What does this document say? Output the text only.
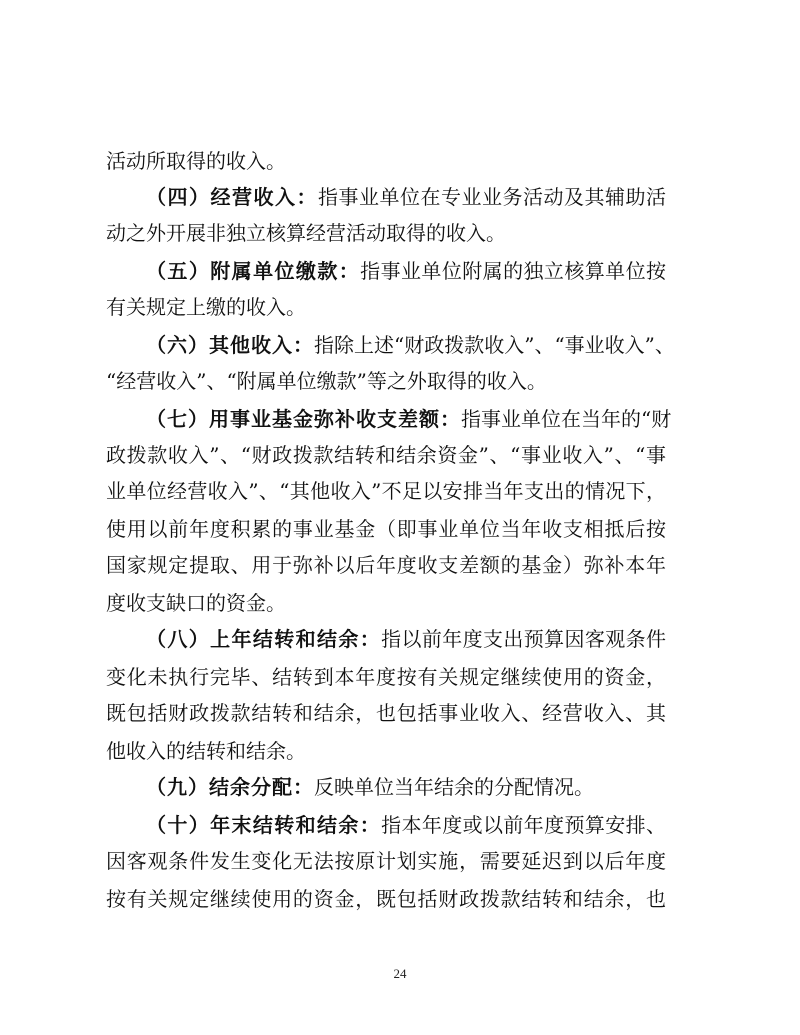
活动所取得的收入。
（四）经营收入：指事业单位在专业业务活动及其辅助活
动之外开展非独立核算经营活动取得的收入。
（五）附属单位缴款：指事业单位附属的独立核算单位按
有关规定上缴的收入。
（六）其他收入：指除上述“财政拨款收入”、“事业收入”、
“经营收入”、“附属单位缴款”等之外取得的收入。
（七）用事业基金弥补收支差额：指事业单位在当年的“财
政拨款收入”、“财政拨款结转和结余资金”、“事业收入”、“事
业单位经营收入”、“其他收入”不足以安排当年支出的情况下，
使用以前年度积累的事业基金（即事业单位当年收支相抵后按
国家规定提取、用于弥补以后年度收支差额的基金）弥补本年
度收支缺口的资金。
（八）上年结转和结余：指以前年度支出预算因客观条件
变化未执行完毕、结转到本年度按有关规定继续使用的资金，
既包括财政拨款结转和结余，也包括事业收入、经营收入、其
他收入的结转和结余。
（九）结余分配：反映单位当年结余的分配情况。
（十）年末结转和结余：指本年度或以前年度预算安排、
因客观条件发生变化无法按原计划实施，需要延迟到以后年度
按有关规定继续使用的资金，既包括财政拨款结转和结余，也
24
